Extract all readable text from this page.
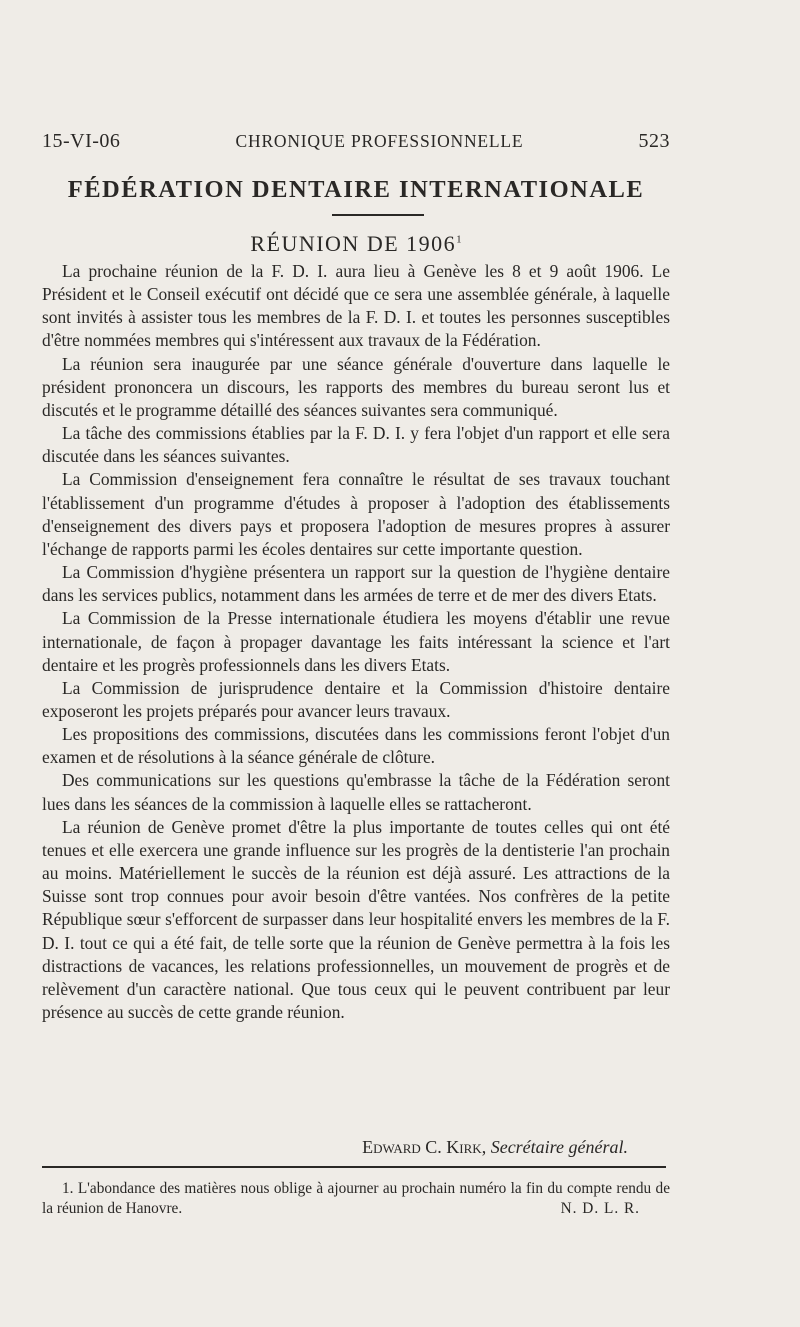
15-VI-06	CHRONIQUE PROFESSIONNELLE	523
FÉDÉRATION DENTAIRE INTERNATIONALE
RÉUNION DE 1906$^1$

La prochaine réunion de la F. D. I. aura lieu à Genève les 8 et 9 août 1906. Le Président et le Conseil exécutif ont décidé que ce sera une assemblée générale, à laquelle sont invités à assister tous les membres de la F. D. I. et toutes les personnes susceptibles d'être nommées membres qui s'intéressent aux travaux de la Fédération.

La réunion sera inaugurée par une séance générale d'ouverture dans laquelle le président prononcera un discours, les rapports des membres du bureau seront lus et discutés et le programme détaillé des séances suivantes sera communiqué.

La tâche des commissions établies par la F. D. I. y fera l'objet d'un rapport et elle sera discutée dans les séances suivantes.

La Commission d'enseignement fera connaître le résultat de ses travaux touchant l'établissement d'un programme d'études à proposer à l'adoption des établissements d'enseignement des divers pays et proposera l'adoption de mesures propres à assurer l'échange de rapports parmi les écoles dentaires sur cette importante question.

La Commission d'hygiène présentera un rapport sur la question de l'hygiène dentaire dans les services publics, notamment dans les armées de terre et de mer des divers Etats.

La Commission de la Presse internationale étudiera les moyens d'établir une revue internationale, de façon à propager davantage les faits intéressant la science et l'art dentaire et les progrès professionnels dans les divers Etats.

La Commission de jurisprudence dentaire et la Commission d'histoire dentaire exposeront les projets préparés pour avancer leurs travaux.

Les propositions des commissions, discutées dans les commissions feront l'objet d'un examen et de résolutions à la séance générale de clôture.

Des communications sur les questions qu'embrasse la tâche de la Fédération seront lues dans les séances de la commission à laquelle elles se rattacheront.

La réunion de Genève promet d'être la plus importante de toutes celles qui ont été tenues et elle exercera une grande influence sur les progrès de la dentisterie l'an prochain au moins. Matériellement le succès de la réunion est déjà assuré. Les attractions de la Suisse sont trop connues pour avoir besoin d'être vantées. Nos confrères de la petite République sœur s'efforcent de surpasser dans leur hospitalité envers les membres de la F. D. I. tout ce qui a été fait, de telle sorte que la réunion de Genève permettra à la fois les distractions de vacances, les relations professionnelles, un mouvement de progrès et de relèvement d'un caractère national. Que tous ceux qui le peuvent contribuent par leur présence au succès de cette grande réunion.

Edward C. Kirk, Secrétaire général.

1. L'abondance des matières nous oblige à ajourner au prochain numéro la fin du compte rendu de la réunion de Hanovre.	N. D. L. R.
